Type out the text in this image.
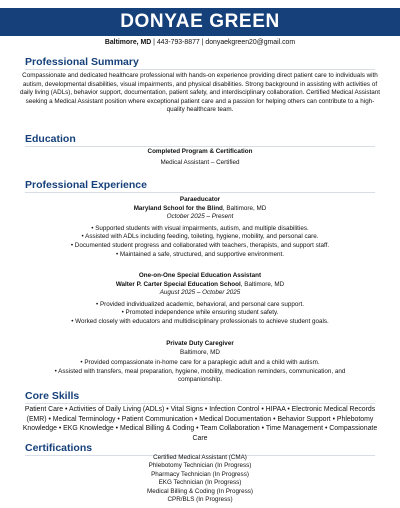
DONYAE GREEN
Baltimore, MD | 443-793-8877 | donyaekgreen20@gmail.com
Professional Summary

Compassionate and dedicated healthcare professional with hands-on experience providing direct patient care to individuals with autism, developmental disabilities, visual impairments, and physical disabilities. Strong background in assisting with activities of daily living (ADLs), behavior support, documentation, patient safety, and interdisciplinary collaboration. Certified Medical Assistant seeking a Medical Assistant position where exceptional patient care and a passion for helping others can contribute to a high-quality healthcare team.

Education

Completed Program & Certification

Medical Assistant – Certified

Professional Experience

Paraeducator

Maryland School for the Blind, Baltimore, MD

October 2025 – Present

• Supported students with visual impairments, autism, and multiple disabilities.

• Assisted with ADLs including feeding, toileting, hygiene, mobility, and personal care.

• Documented student progress and collaborated with teachers, therapists, and support staff.

• Maintained a safe, structured, and supportive environment.

One-on-One Special Education Assistant

Walter P. Carter Special Education School, Baltimore, MD

August 2025 – October 2025

• Provided individualized academic, behavioral, and personal care support.

• Promoted independence while ensuring student safety.

• Worked closely with educators and multidisciplinary professionals to achieve student goals.

Private Duty Caregiver

Baltimore, MD

• Provided compassionate in-home care for a paraplegic adult and a child with autism.

• Assisted with transfers, meal preparation, hygiene, mobility, medication reminders, communication, and companionship.

Core Skills

Patient Care • Activities of Daily Living (ADLs) • Vital Signs • Infection Control • HIPAA • Electronic Medical Records (EMR) • Medical Terminology • Patient Communication • Medical Documentation • Behavior Support • Phlebotomy Knowledge • EKG Knowledge • Medical Billing & Coding • Team Collaboration • Time Management • Compassionate Care

Certifications

Certified Medical Assistant (CMA)

Phlebotomy Technician (In Progress)

Pharmacy Technician (In Progress)

EKG Technician (In Progress)

Medical Billing & Coding (In Progress)

CPR/BLS (In Progress)
